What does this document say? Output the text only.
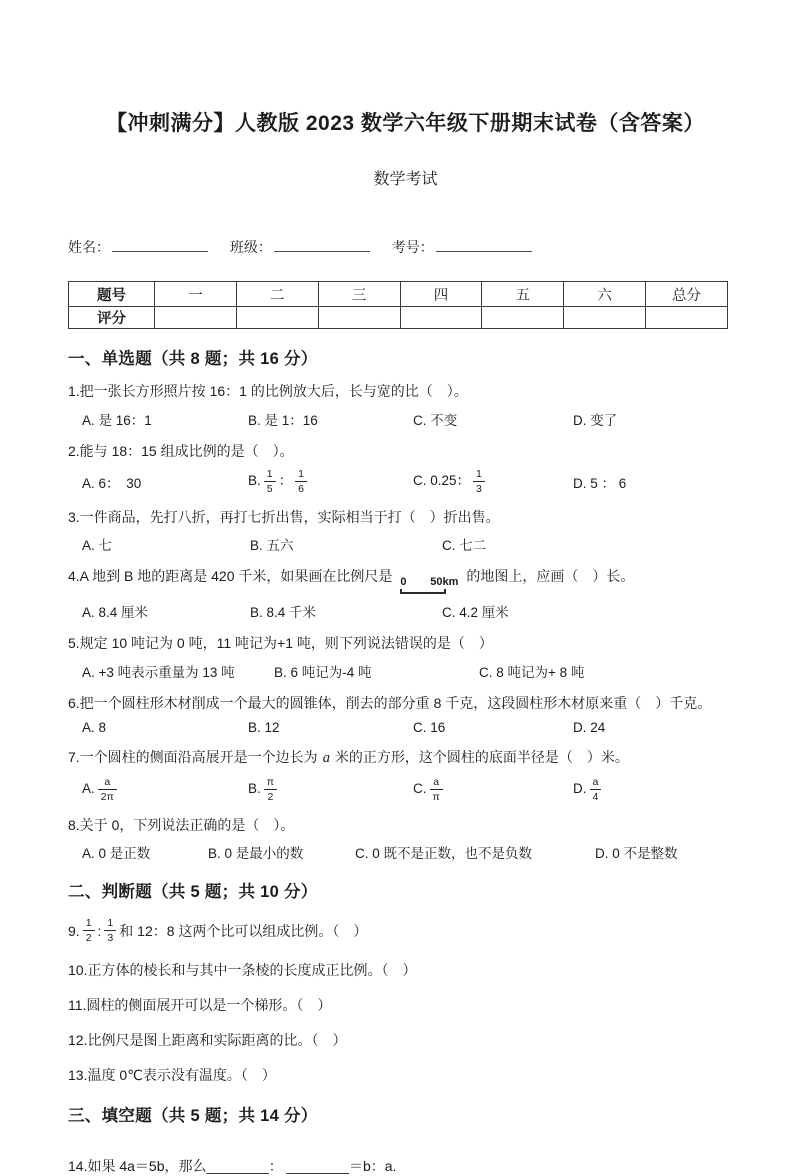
【冲刺满分】人教版 2023 数学六年级下册期末试卷（含答案）
数学考试
姓名：	班级：	考号：
题号	一	二	三	四	五	六	总分
评分							
一、单选题（共 8 题；共 16 分）

1.把一张长方形照片按 16：1 的比例放大后，长与宽的比（　）。

A. 是 16：1	B. 是 1：16	C. 不变	D. 变了

2.能与 18：15 组成比例的是（　）。

A. 6：　30	B. $\frac{1}{5}$ ： $\frac{1}{6}$	C. 0.25： $\frac{1}{3}$	D. 5 ： 6

3.一件商品，先打八折，再打七折出售，实际相当于打（　）折出售。

A. 七	B. 五六	C. 七二

4.A 地到 B 地的距离是 420 千米，如果画在比例尺是 0 50km 的地图上，应画（　）长。

A. 8.4 厘米	B. 8.4 千米	C. 4.2 厘米

5.规定 10 吨记为 0 吨，11 吨记为+1 吨，则下列说法错误的是（　）

A. +3 吨表示重量为 13 吨	B. 6 吨记为-4 吨	C. 8 吨记为+ 8 吨

6.把一个圆柱形木材削成一个最大的圆锥体，削去的部分重 8 千克，这段圆柱形木材原来重（　）千克。

A. 8	B. 12	C. 16	D. 24

7.一个圆柱的侧面沿高展开是一个边长为 a 米的正方形，这个圆柱的底面半径是（　）米。

A. $\frac{a}{2\pi}$	B. $\frac{\pi}{2}$	C. $\frac{a}{\pi}$	D. $\frac{a}{4}$

8.关于 0，下列说法正确的是（　）。

A. 0 是正数	B. 0 是最小的数	C. 0 既不是正数，也不是负数	D. 0 不是整数
二、判断题（共 5 题；共 10 分）

9. $\frac{1}{2}$ : $\frac{1}{3}$ 和 12：8 这两个比可以组成比例。（　）

10.正方体的棱长和与其中一条棱的长度成正比例。（　）

11.圆柱的侧面展开可以是一个梯形。（　）

12.比例尺是图上距离和实际距离的比。（　）

13.温度 0℃表示没有温度。（　）

三、填空题（共 5 题；共 14 分）

14.如果 4a＝5b，那么________： ________＝b：a.
